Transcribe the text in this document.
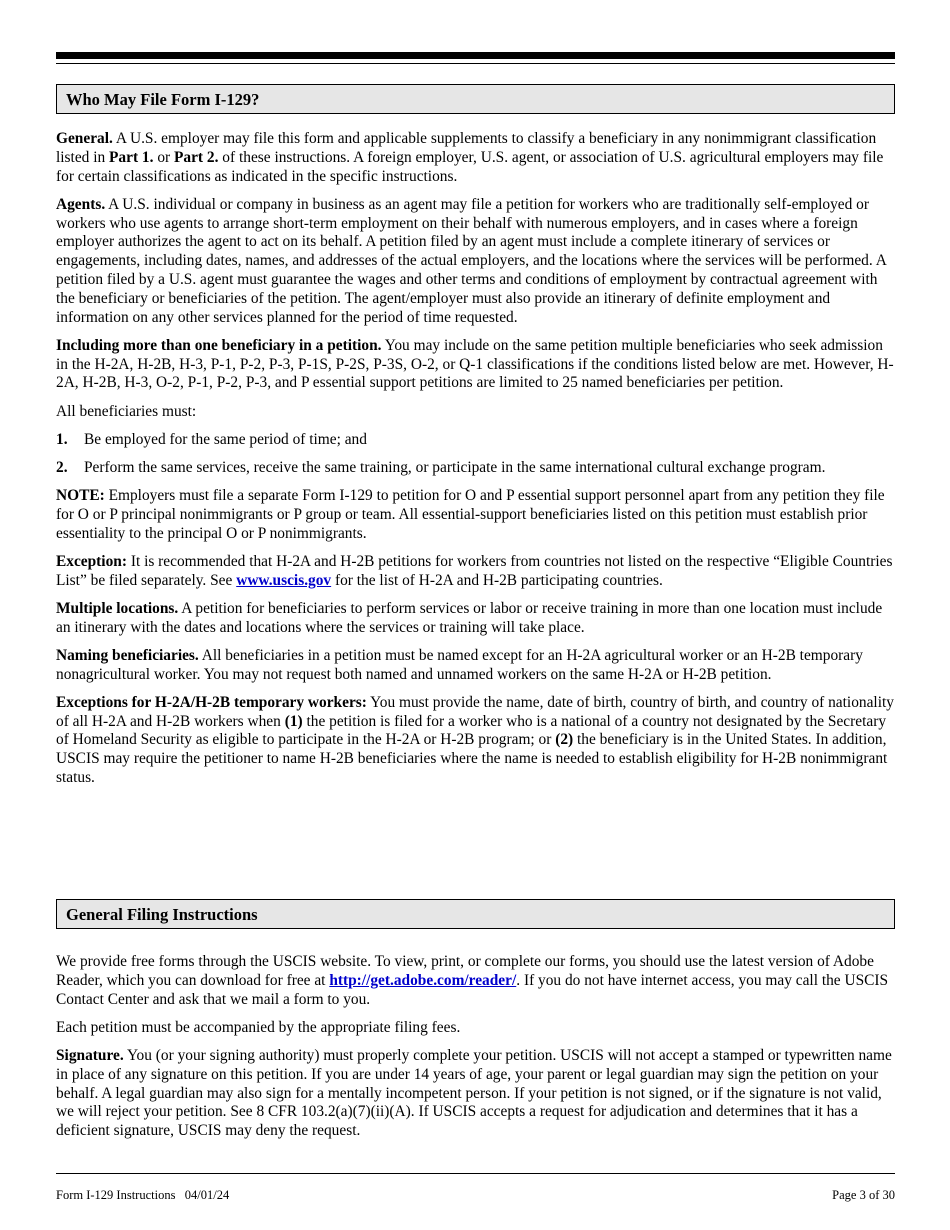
Who May File Form I-129?

General. A U.S. employer may file this form and applicable supplements to classify a beneficiary in any nonimmigrant classification listed in Part 1. or Part 2. of these instructions. A foreign employer, U.S. agent, or association of U.S. agricultural employers may file for certain classifications as indicated in the specific instructions.

Agents. A U.S. individual or company in business as an agent may file a petition for workers who are traditionally self-employed or workers who use agents to arrange short-term employment on their behalf with numerous employers, and in cases where a foreign employer authorizes the agent to act on its behalf. A petition filed by an agent must include a complete itinerary of services or engagements, including dates, names, and addresses of the actual employers, and the locations where the services will be performed. A petition filed by a U.S. agent must guarantee the wages and other terms and conditions of employment by contractual agreement with the beneficiary or beneficiaries of the petition. The agent/employer must also provide an itinerary of definite employment and information on any other services planned for the period of time requested.

Including more than one beneficiary in a petition. You may include on the same petition multiple beneficiaries who seek admission in the H-2A, H-2B, H-3, P-1, P-2, P-3, P-1S, P-2S, P-3S, O-2, or Q-1 classifications if the conditions listed below are met. However, H-2A, H-2B, H-3, O-2, P-1, P-2, P-3, and P essential support petitions are limited to 25 named beneficiaries per petition.

All beneficiaries must:

1. Be employed for the same period of time; and
2. Perform the same services, receive the same training, or participate in the same international cultural exchange program.

NOTE: Employers must file a separate Form I-129 to petition for O and P essential support personnel apart from any petition they file for O or P principal nonimmigrants or P group or team. All essential-support beneficiaries listed on this petition must establish prior essentiality to the principal O or P nonimmigrants.

Exception: It is recommended that H-2A and H-2B petitions for workers from countries not listed on the respective “Eligible Countries List” be filed separately. See www.uscis.gov for the list of H-2A and H-2B participating countries.

Multiple locations. A petition for beneficiaries to perform services or labor or receive training in more than one location must include an itinerary with the dates and locations where the services or training will take place.

Naming beneficiaries. All beneficiaries in a petition must be named except for an H-2A agricultural worker or an H-2B temporary nonagricultural worker. You may not request both named and unnamed workers on the same H-2A or H-2B petition.

Exceptions for H-2A/H-2B temporary workers: You must provide the name, date of birth, country of birth, and country of nationality of all H-2A and H-2B workers when (1) the petition is filed for a worker who is a national of a country not designated by the Secretary of Homeland Security as eligible to participate in the H-2A or H-2B program; or (2) the beneficiary is in the United States. In addition, USCIS may require the petitioner to name H-2B beneficiaries where the name is needed to establish eligibility for H-2B nonimmigrant status.

General Filing Instructions

We provide free forms through the USCIS website. To view, print, or complete our forms, you should use the latest version of Adobe Reader, which you can download for free at http://get.adobe.com/reader/. If you do not have internet access, you may call the USCIS Contact Center and ask that we mail a form to you.

Each petition must be accompanied by the appropriate filing fees.

Signature. You (or your signing authority) must properly complete your petition. USCIS will not accept a stamped or typewritten name in place of any signature on this petition. If you are under 14 years of age, your parent or legal guardian may sign the petition on your behalf. A legal guardian may also sign for a mentally incompetent person. If your petition is not signed, or if the signature is not valid, we will reject your petition. See 8 CFR 103.2(a)(7)(ii)(A). If USCIS accepts a request for adjudication and determines that it has a deficient signature, USCIS may deny the request.

Form I-129 Instructions   04/01/24	Page 3 of 30
